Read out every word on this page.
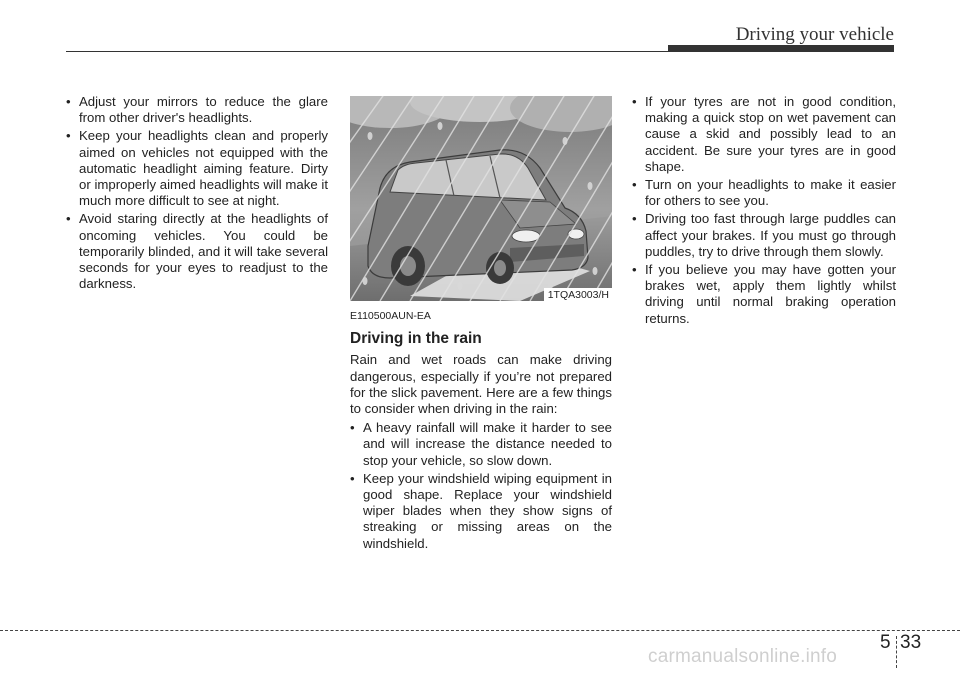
Driving your vehicle
• Adjust your mirrors to reduce the glare from other driver's headlights.
• Keep your headlights clean and properly aimed on vehicles not equipped with the automatic headlight aiming feature. Dirty or improperly aimed headlights will make it much more difficult to see at night.
• Avoid staring directly at the headlights of oncoming vehicles. You could be temporarily blinded, and it will take several seconds for your eyes to readjust to the darkness.
1TQA3003/H
E110500AUN-EA
Driving in the rain

Rain and wet roads can make driving dangerous, especially if you’re not prepared for the slick pavement. Here are a few things to consider when driving in the rain:

• A heavy rainfall will make it harder to see and will increase the distance needed to stop your vehicle, so slow down.
• Keep your windshield wiping equipment in good shape. Replace your windshield wiper blades when they show signs of streaking or missing areas on the windshield.
• If your tyres are not in good condition, making a quick stop on wet pavement can cause a skid and possibly lead to an accident. Be sure your tyres are in good shape.
• Turn on your headlights to make it easier for others to see you.
• Driving too fast through large puddles can affect your brakes. If you must go through puddles, try to drive through them slowly.
• If you believe you may have gotten your brakes wet, apply them lightly whilst driving until normal braking operation returns.
5 33
carmanualsonline.info
